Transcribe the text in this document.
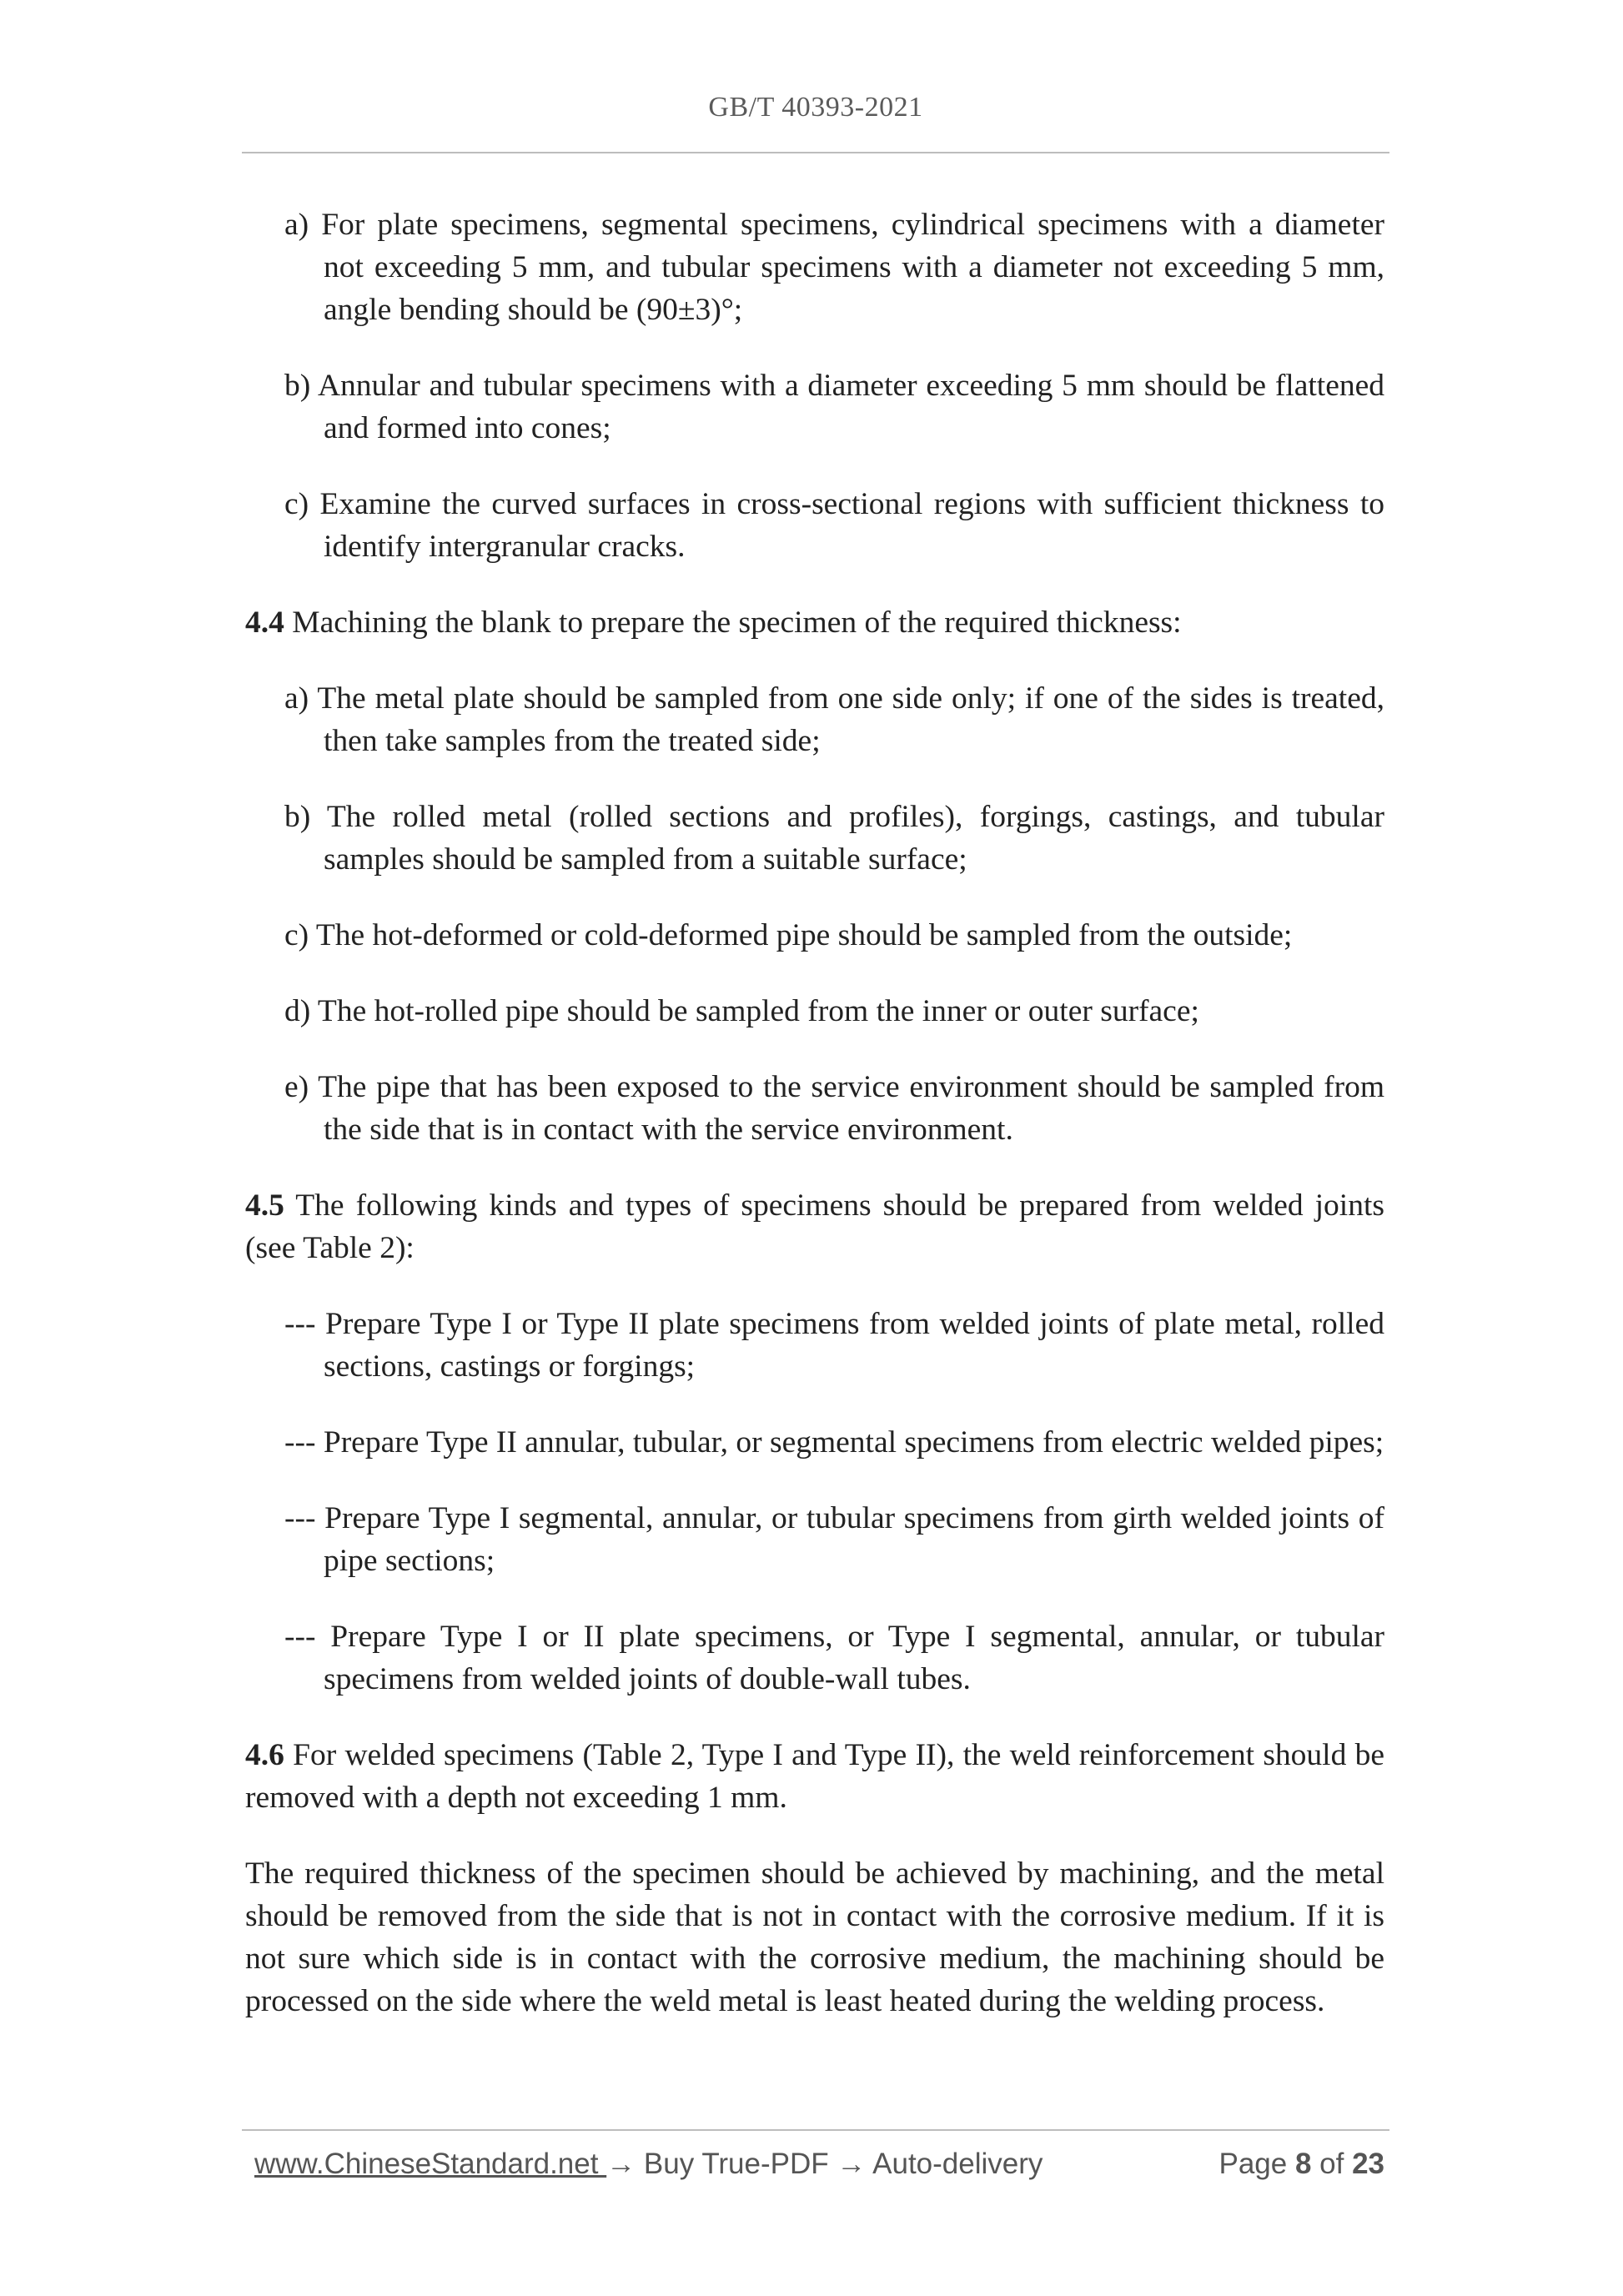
GB/T 40393-2021
a) For plate specimens, segmental specimens, cylindrical specimens with a diameter not exceeding 5 mm, and tubular specimens with a diameter not exceeding 5 mm, angle bending should be (90±3)°;
b) Annular and tubular specimens with a diameter exceeding 5 mm should be flattened and formed into cones;
c) Examine the curved surfaces in cross-sectional regions with sufficient thickness to identify intergranular cracks.
4.4 Machining the blank to prepare the specimen of the required thickness:
a) The metal plate should be sampled from one side only; if one of the sides is treated, then take samples from the treated side;
b) The rolled metal (rolled sections and profiles), forgings, castings, and tubular samples should be sampled from a suitable surface;
c) The hot-deformed or cold-deformed pipe should be sampled from the outside;
d) The hot-rolled pipe should be sampled from the inner or outer surface;
e) The pipe that has been exposed to the service environment should be sampled from the side that is in contact with the service environment.
4.5 The following kinds and types of specimens should be prepared from welded joints (see Table 2):
--- Prepare Type I or Type II plate specimens from welded joints of plate metal, rolled sections, castings or forgings;
--- Prepare Type II annular, tubular, or segmental specimens from electric welded pipes;
--- Prepare Type I segmental, annular, or tubular specimens from girth welded joints of pipe sections;
--- Prepare Type I or II plate specimens, or Type I segmental, annular, or tubular specimens from welded joints of double-wall tubes.
4.6 For welded specimens (Table 2, Type I and Type II), the weld reinforcement should be removed with a depth not exceeding 1 mm.
The required thickness of the specimen should be achieved by machining, and the metal should be removed from the side that is not in contact with the corrosive medium. If it is not sure which side is in contact with the corrosive medium, the machining should be processed on the side where the weld metal is least heated during the welding process.
www.ChineseStandard.net → Buy True-PDF → Auto-delivery	Page 8 of 23
